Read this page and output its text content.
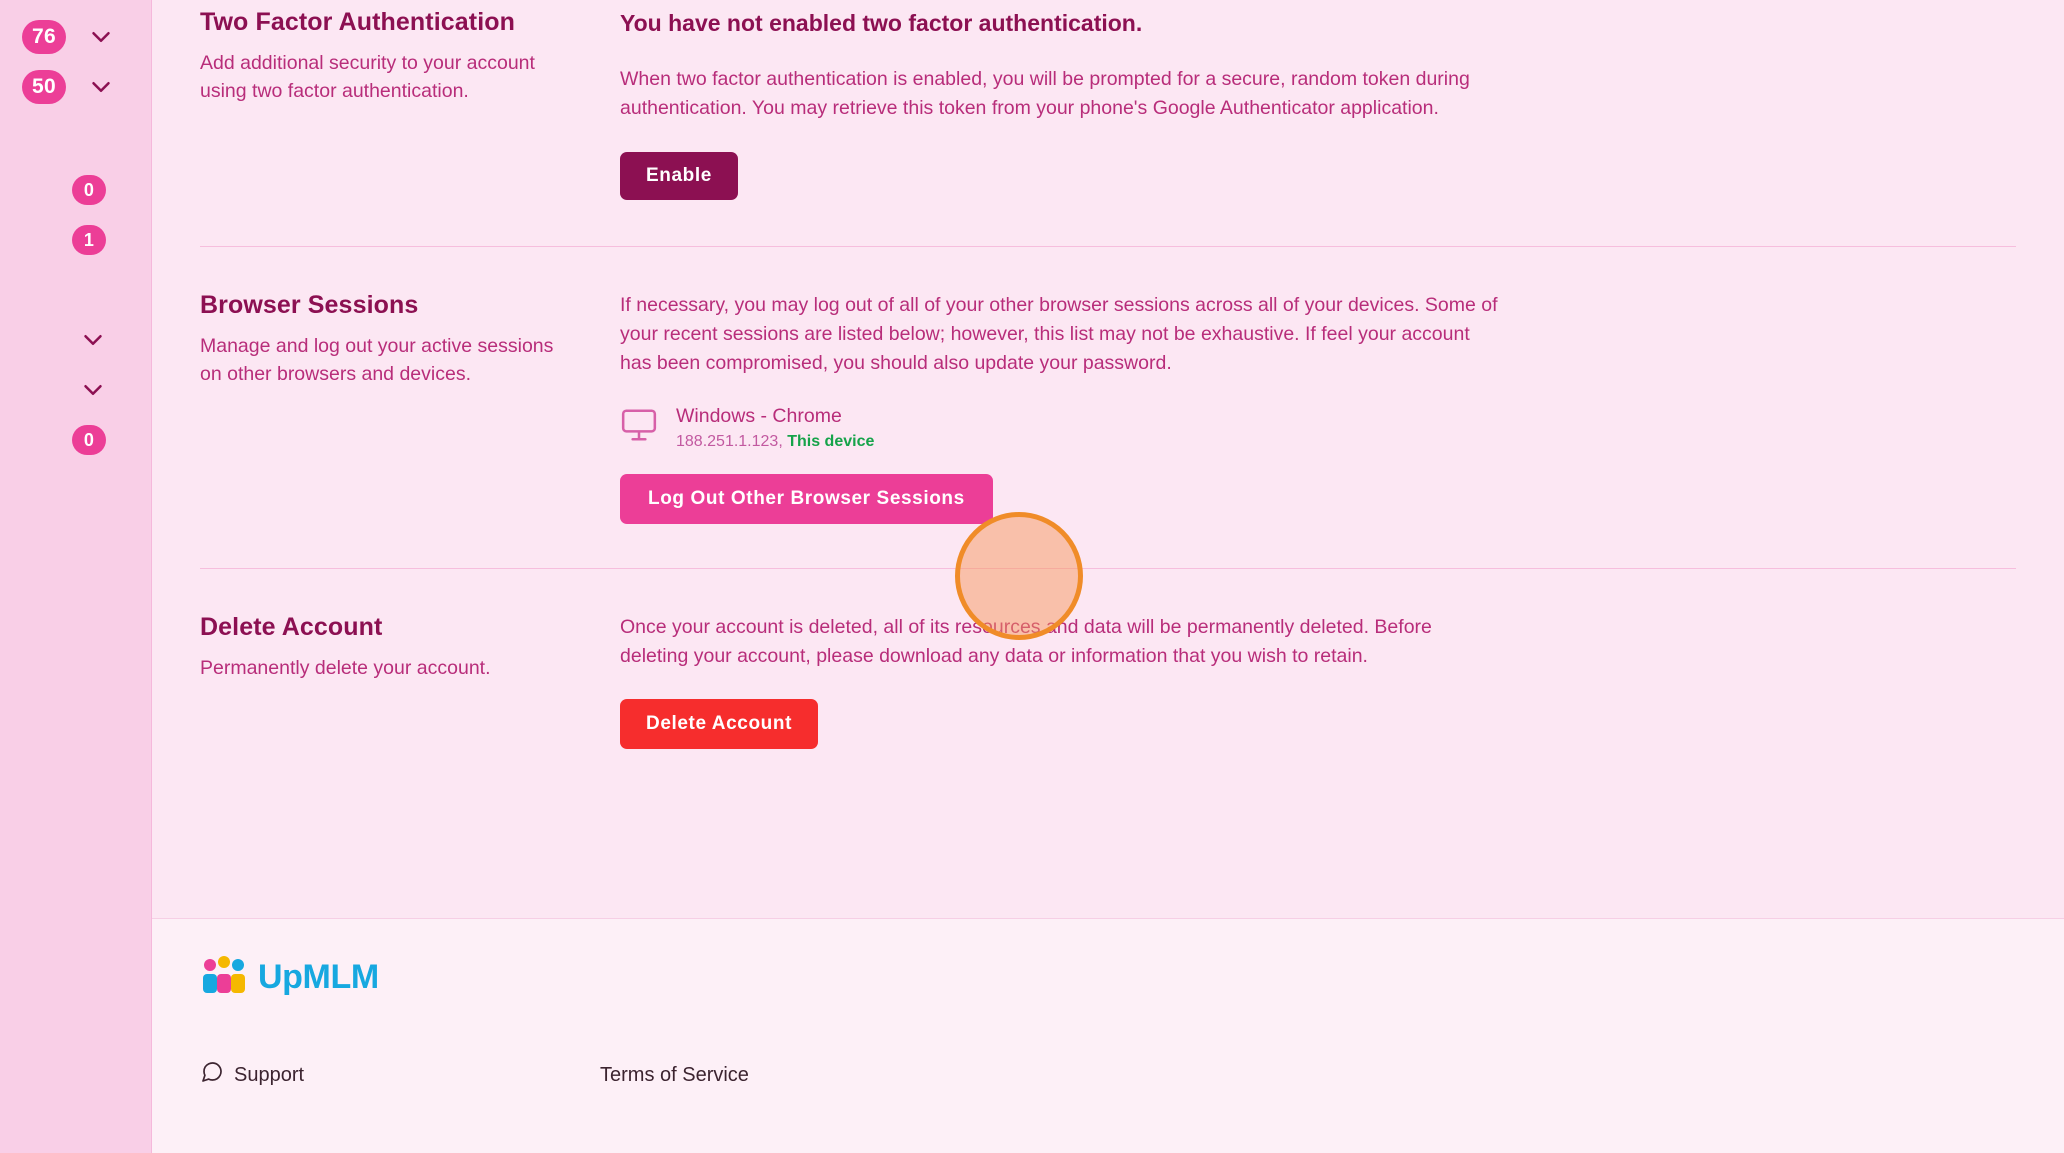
76
50
0
1
0
Two Factor Authentication

Add additional security to your account using two factor authentication.

You have not enabled two factor authentication.

When two factor authentication is enabled, you will be prompted for a secure, random token during authentication. You may retrieve this token from your phone's Google Authenticator application.

Enable
Browser Sessions

Manage and log out your active sessions on other browsers and devices.

If necessary, you may log out of all of your other browser sessions across all of your devices. Some of your recent sessions are listed below; however, this list may not be exhaustive. If feel your account has been compromised, you should also update your password.

Windows - Chrome
188.251.1.123, This device
Log Out Other Browser Sessions
Delete Account

Permanently delete your account.

Once your account is deleted, all of its resources and data will be permanently deleted. Before deleting your account, please download any data or information that you wish to retain.

Delete Account
UpMLM
Support	Terms of Service
